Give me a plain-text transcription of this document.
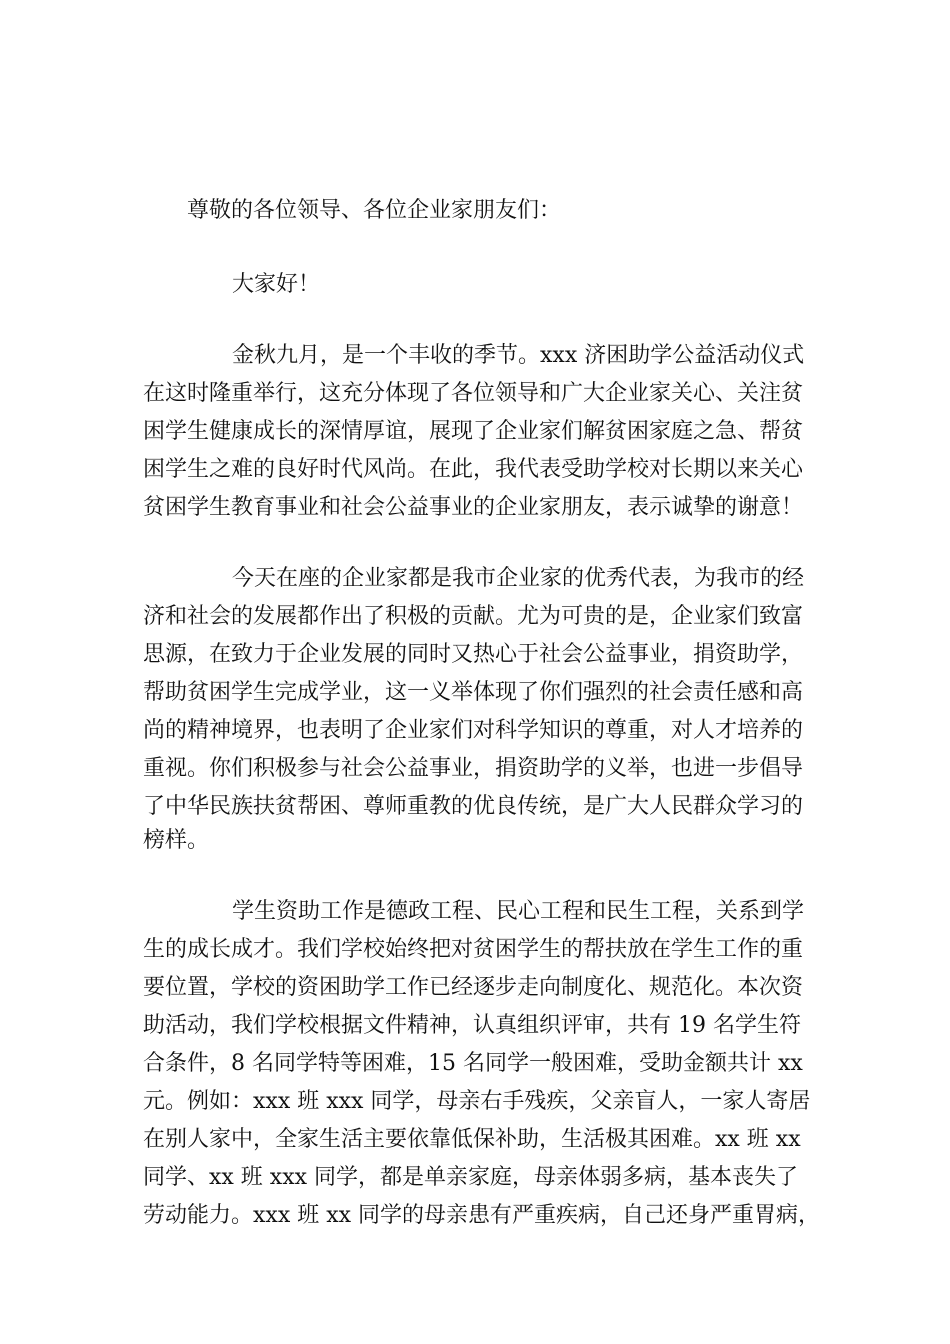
尊敬的各位领导、各位企业家朋友们：
大家好！
金秋九月，是一个丰收的季节。xxx 济困助学公益活动仪式
在这时隆重举行，这充分体现了各位领导和广大企业家关心、关注贫
困学生健康成长的深情厚谊，展现了企业家们解贫困家庭之急、帮贫
困学生之难的良好时代风尚。在此，我代表受助学校对长期以来关心
贫困学生教育事业和社会公益事业的企业家朋友，表示诚挚的谢意！
今天在座的企业家都是我市企业家的优秀代表，为我市的经
济和社会的发展都作出了积极的贡献。尤为可贵的是，企业家们致富
思源，在致力于企业发展的同时又热心于社会公益事业，捐资助学，
帮助贫困学生完成学业，这一义举体现了你们强烈的社会责任感和高
尚的精神境界，也表明了企业家们对科学知识的尊重，对人才培养的
重视。你们积极参与社会公益事业，捐资助学的义举，也进一步倡导
了中华民族扶贫帮困、尊师重教的优良传统，是广大人民群众学习的
榜样。
学生资助工作是德政工程、民心工程和民生工程，关系到学
生的成长成才。我们学校始终把对贫困学生的帮扶放在学生工作的重
要位置，学校的资困助学工作已经逐步走向制度化、规范化。本次资
助活动，我们学校根据文件精神，认真组织评审，共有 19 名学生符
合条件，8 名同学特等困难，15 名同学一般困难，受助金额共计 xx
元。例如：xxx 班 xxx 同学，母亲右手残疾，父亲盲人，一家人寄居
在别人家中，全家生活主要依靠低保补助，生活极其困难。xx 班 xx
同学、xx 班 xxx 同学，都是单亲家庭，母亲体弱多病，基本丧失了
劳动能力。xxx 班 xx 同学的母亲患有严重疾病，自己还身严重胃病，
